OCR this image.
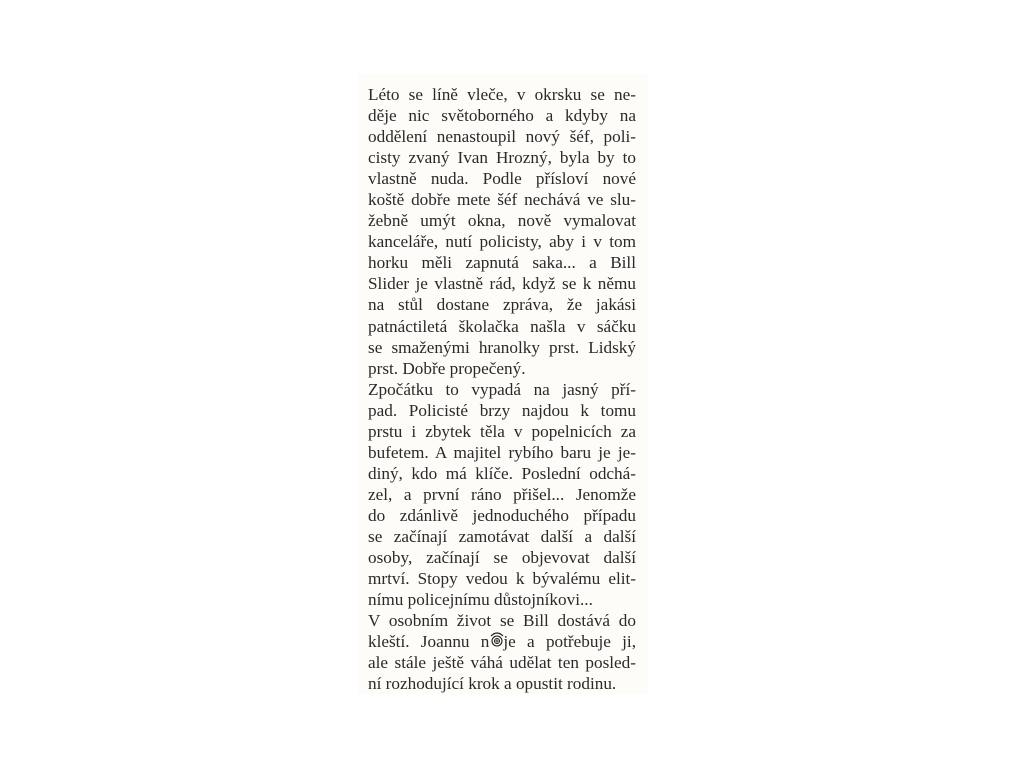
Léto se líně vleče, v okrsku se ne-
děje nic světoborného a kdyby na
oddělení nenastoupil nový šéf, poli-
cisty zvaný Ivan Hrozný, byla by to
vlastně nuda. Podle přísloví nové
koště dobře mete šéf nechává ve slu-
žebně umýt okna, nově vymalovat
kanceláře, nutí policisty, aby i v tom
horku měli zapnutá saka... a Bill
Slider je vlastně rád, když se k němu
na stůl dostane zpráva, že jakási
patnáctiletá školačka našla v sáčku
se smaženými hranolky prst. Lidský
prst. Dobře propečený.
Zpočátku to vypadá na jasný pří-
pad. Policisté brzy najdou k tomu
prstu i zbytek těla v popelnicích za
bufetem. A majitel rybího baru je je-
diný, kdo má klíče. Poslední odchá-
zel, a první ráno přišel... Jenomže
do zdánlivě jednoduchého případu
se začínají zamotávat další a další
osoby, začínají se objevovat další
mrtví. Stopy vedou k bývalému elit-
nímu policejnímu důstojníkovi...
V osobním život se Bill dostává do
kleští. Joannu n je a potřebuje ji,
ale stále ještě váhá udělat ten posled-
ní rozhodující krok a opustit rodinu.
